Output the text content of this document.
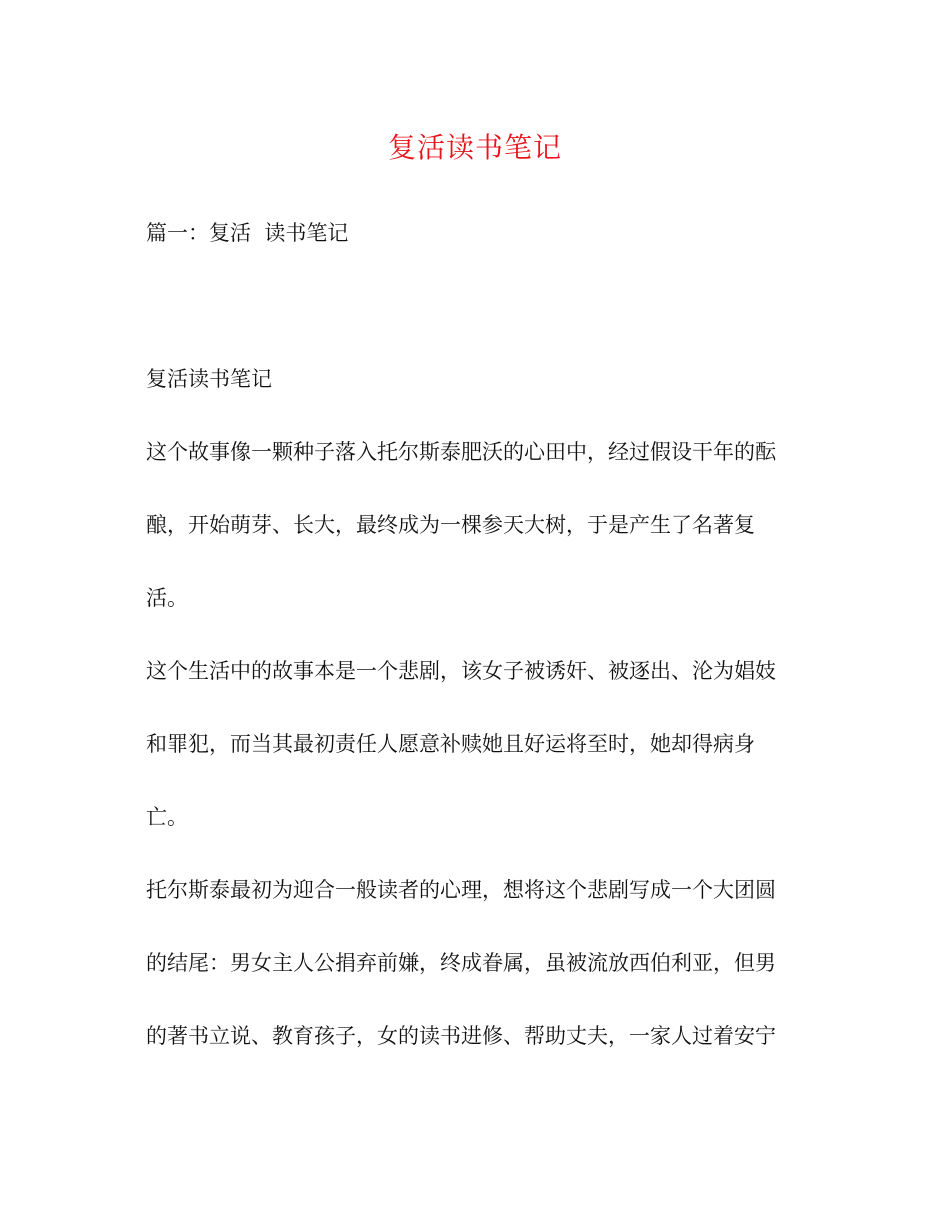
复活读书笔记
篇一：复活  读书笔记
复活读书笔记
这个故事像一颗种子落入托尔斯泰肥沃的心田中，经过假设干年的酝
酿，开始萌芽、长大，最终成为一棵参天大树，于是产生了名著复
活。
这个生活中的故事本是一个悲剧，该女子被诱奸、被逐出、沦为娼妓
和罪犯，而当其最初责任人愿意补赎她且好运将至时，她却得病身
亡。
托尔斯泰最初为迎合一般读者的心理，想将这个悲剧写成一个大团圆
的结尾：男女主人公捐弃前嫌，终成眷属，虽被流放西伯利亚，但男
的著书立说、教育孩子，女的读书进修、帮助丈夫，一家人过着安宁
